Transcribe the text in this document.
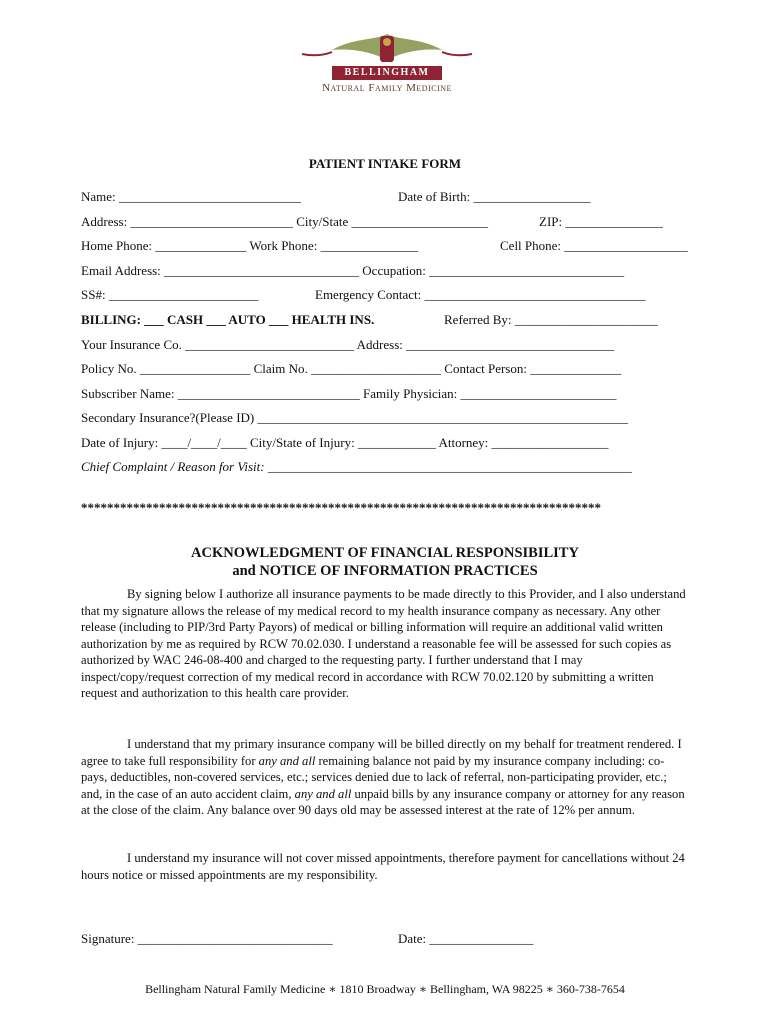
BELLINGHAM
Natural Family Medicine
PATIENT INTAKE FORM
Name: ____________________________	Date of Birth: __________________
Address: _________________________ City/State _____________________	ZIP: _______________
Home Phone: ______________ Work Phone: _______________	Cell Phone: ___________________
Email Address: ______________________________ Occupation: ______________________________
SS#: _______________________	Emergency Contact: __________________________________
BILLING: ___ CASH ___ AUTO ___ HEALTH INS.	Referred By: ______________________
Your Insurance Co. __________________________ Address: ________________________________
Policy No. _________________ Claim No. ____________________ Contact Person: ______________
Subscriber Name: ____________________________ Family Physician: ________________________
Secondary Insurance?(Please ID) _________________________________________________________
Date of Injury: ____/____/____ City/State of Injury: ____________ Attorney: __________________
Chief Complaint / Reason for Visit: ________________________________________________________
********************************************************************************
ACKNOWLEDGMENT OF FINANCIAL RESPONSIBILITY
and NOTICE OF INFORMATION PRACTICES
By signing below I authorize all insurance payments to be made directly to this Provider, and I also understand that my signature allows the release of my medical record to my health insurance company as necessary. Any other release (including to PIP/3rd Party Payors) of medical or billing information will require an additional valid written authorization by me as required by RCW 70.02.030. I understand a reasonable fee will be assessed for such copies as authorized by WAC 246-08-400 and charged to the requesting party. I further understand that I may inspect/copy/request correction of my medical record in accordance with RCW 70.02.120 by submitting a written request and authorization to this health care provider.
I understand that my primary insurance company will be billed directly on my behalf for treatment rendered. I agree to take full responsibility for any and all remaining balance not paid by my insurance company including: co-pays, deductibles, non-covered services, etc.; services denied due to lack of referral, non-participating provider, etc.; and, in the case of an auto accident claim, any and all unpaid bills by any insurance company or attorney for any reason at the close of the claim. Any balance over 90 days old may be assessed interest at the rate of 12% per annum.
I understand my insurance will not cover missed appointments, therefore payment for cancellations without 24 hours notice or missed appointments are my responsibility.
Signature: ______________________________	Date: ________________
Bellingham Natural Family Medicine ∗ 1810 Broadway ∗ Bellingham, WA 98225 ∗ 360-738-7654
